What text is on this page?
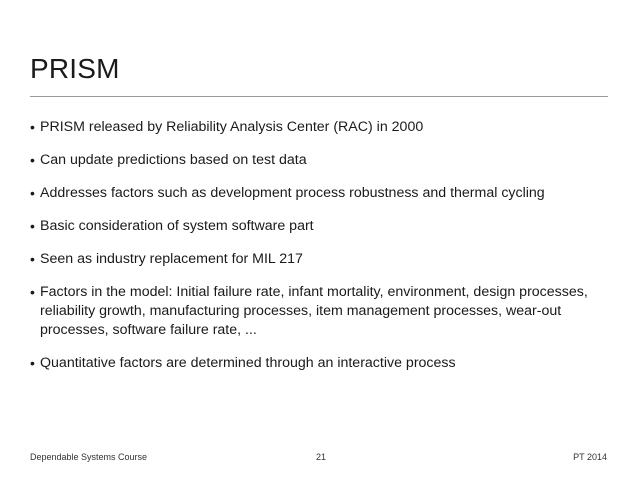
PRISM
• PRISM released by Reliability Analysis Center (RAC) in 2000
• Can update predictions based on test data
• Addresses factors such as development process robustness and thermal cycling
• Basic consideration of system software part
• Seen as industry replacement for MIL 217
• Factors in the model: Initial failure rate, infant mortality, environment, design processes, reliability growth, manufacturing processes, item management processes, wear-out processes, software failure rate, ...
• Quantitative factors are determined through an interactive process
Dependable Systems Course	21	PT 2014
